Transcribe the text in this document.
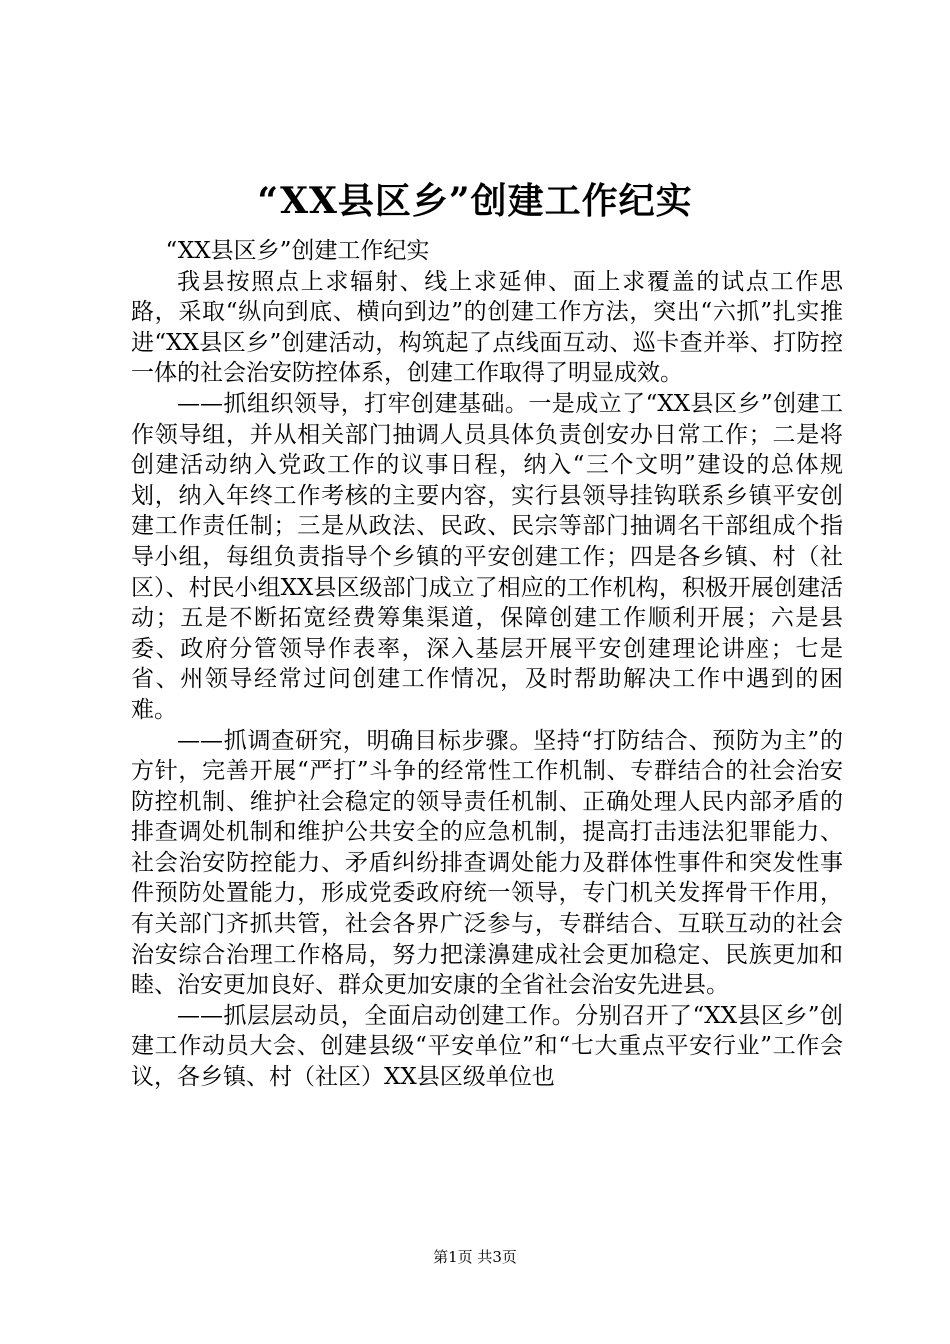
“XX县区乡”创建工作纪实

“XX县区乡”创建工作纪实

我县按照点上求辐射、线上求延伸、面上求覆盖的试点工作思路，采取“纵向到底、横向到边”的创建工作方法，突出“六抓”扎实推进“XX县区乡”创建活动，构筑起了点线面互动、巡卡查并举、打防控一体的社会治安防控体系，创建工作取得了明显成效。

——抓组织领导，打牢创建基础。一是成立了“XX县区乡”创建工作领导组，并从相关部门抽调人员具体负责创安办日常工作；二是将创建活动纳入党政工作的议事日程，纳入“三个文明”建设的总体规划，纳入年终工作考核的主要内容，实行县领导挂钩联系乡镇平安创建工作责任制；三是从政法、民政、民宗等部门抽调名干部组成个指导小组，每组负责指导个乡镇的平安创建工作；四是各乡镇、村（社区）、村民小组XX县区级部门成立了相应的工作机构，积极开展创建活动；五是不断拓宽经费筹集渠道，保障创建工作顺利开展；六是县委、政府分管领导作表率，深入基层开展平安创建理论讲座；七是省、州领导经常过问创建工作情况，及时帮助解决工作中遇到的困难。

——抓调查研究，明确目标步骤。坚持“打防结合、预防为主”的方针，完善开展“严打”斗争的经常性工作机制、专群结合的社会治安防控机制、维护社会稳定的领导责任机制、正确处理人民内部矛盾的排查调处机制和维护公共安全的应急机制，提高打击违法犯罪能力、社会治安防控能力、矛盾纠纷排查调处能力及群体性事件和突发性事件预防处置能力，形成党委政府统一领导，专门机关发挥骨干作用，有关部门齐抓共管，社会各界广泛参与，专群结合、互联互动的社会治安综合治理工作格局，努力把漾濞建成社会更加稳定、民族更加和睦、治安更加良好、群众更加安康的全省社会治安先进县。

——抓层层动员，全面启动创建工作。分别召开了“XX县区乡”创建工作动员大会、创建县级“平安单位”和“七大重点平安行业”工作会议，各乡镇、村（社区）XX县区级单位也

第1页 共3页
